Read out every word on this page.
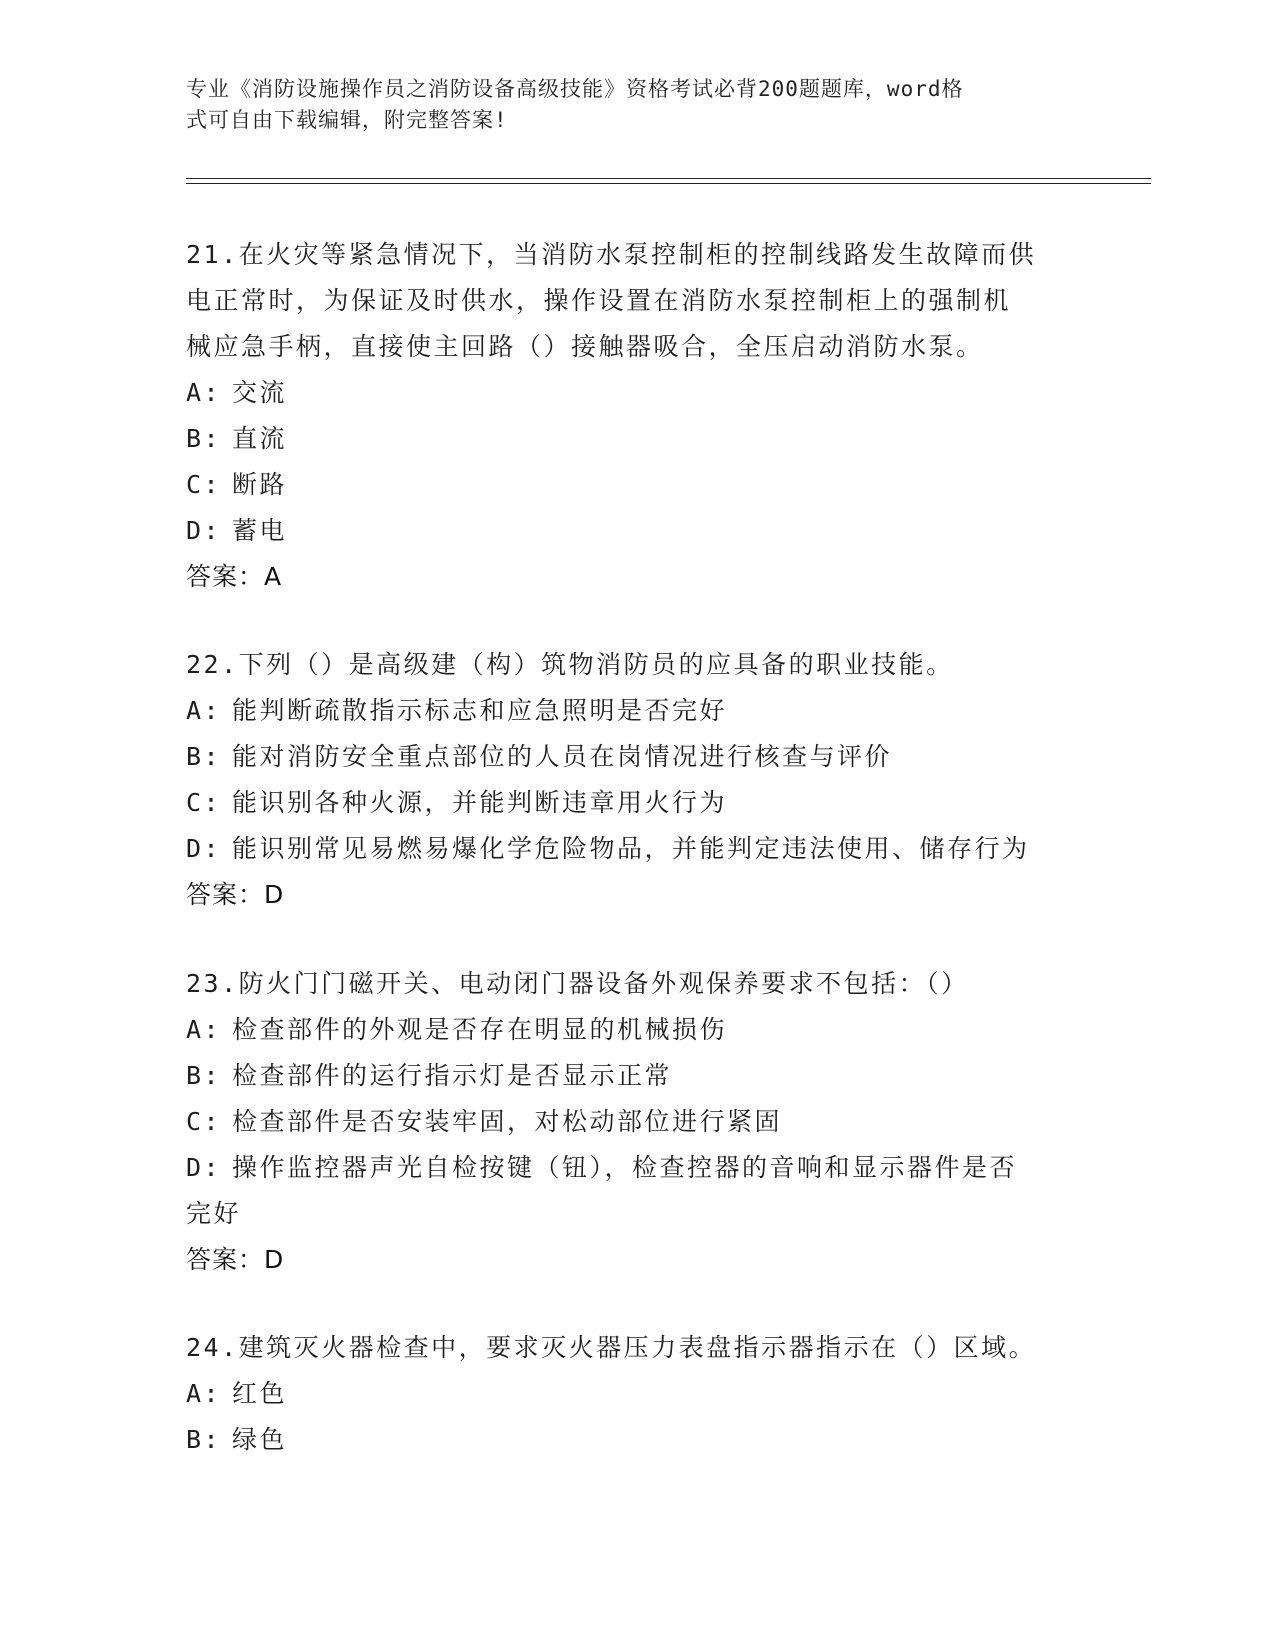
专业《消防设施操作员之消防设备高级技能》资格考试必背200题题库，word格
式可自由下载编辑，附完整答案!

21.在火灾等紧急情况下，当消防水泵控制柜的控制线路发生故障而供

电正常时，为保证及时供水，操作设置在消防水泵控制柜上的强制机

械应急手柄，直接使主回路（）接触器吸合，全压启动消防水泵。

A: 交流

B: 直流

C: 断路

D: 蓄电

答案：A

22.下列（）是高级建（构）筑物消防员的应具备的职业技能。

A: 能判断疏散指示标志和应急照明是否完好

B: 能对消防安全重点部位的人员在岗情况进行核查与评价

C: 能识别各种火源，并能判断违章用火行为

D: 能识别常见易燃易爆化学危险物品，并能判定违法使用、储存行为

答案：D

23.防火门门磁开关、电动闭门器设备外观保养要求不包括：（）

A: 检查部件的外观是否存在明显的机械损伤

B: 检查部件的运行指示灯是否显示正常

C: 检查部件是否安装牢固，对松动部位进行紧固

D: 操作监控器声光自检按键（钮），检查控器的音响和显示器件是否

完好

答案：D

24.建筑灭火器检查中，要求灭火器压力表盘指示器指示在（）区域。

A: 红色

B: 绿色
